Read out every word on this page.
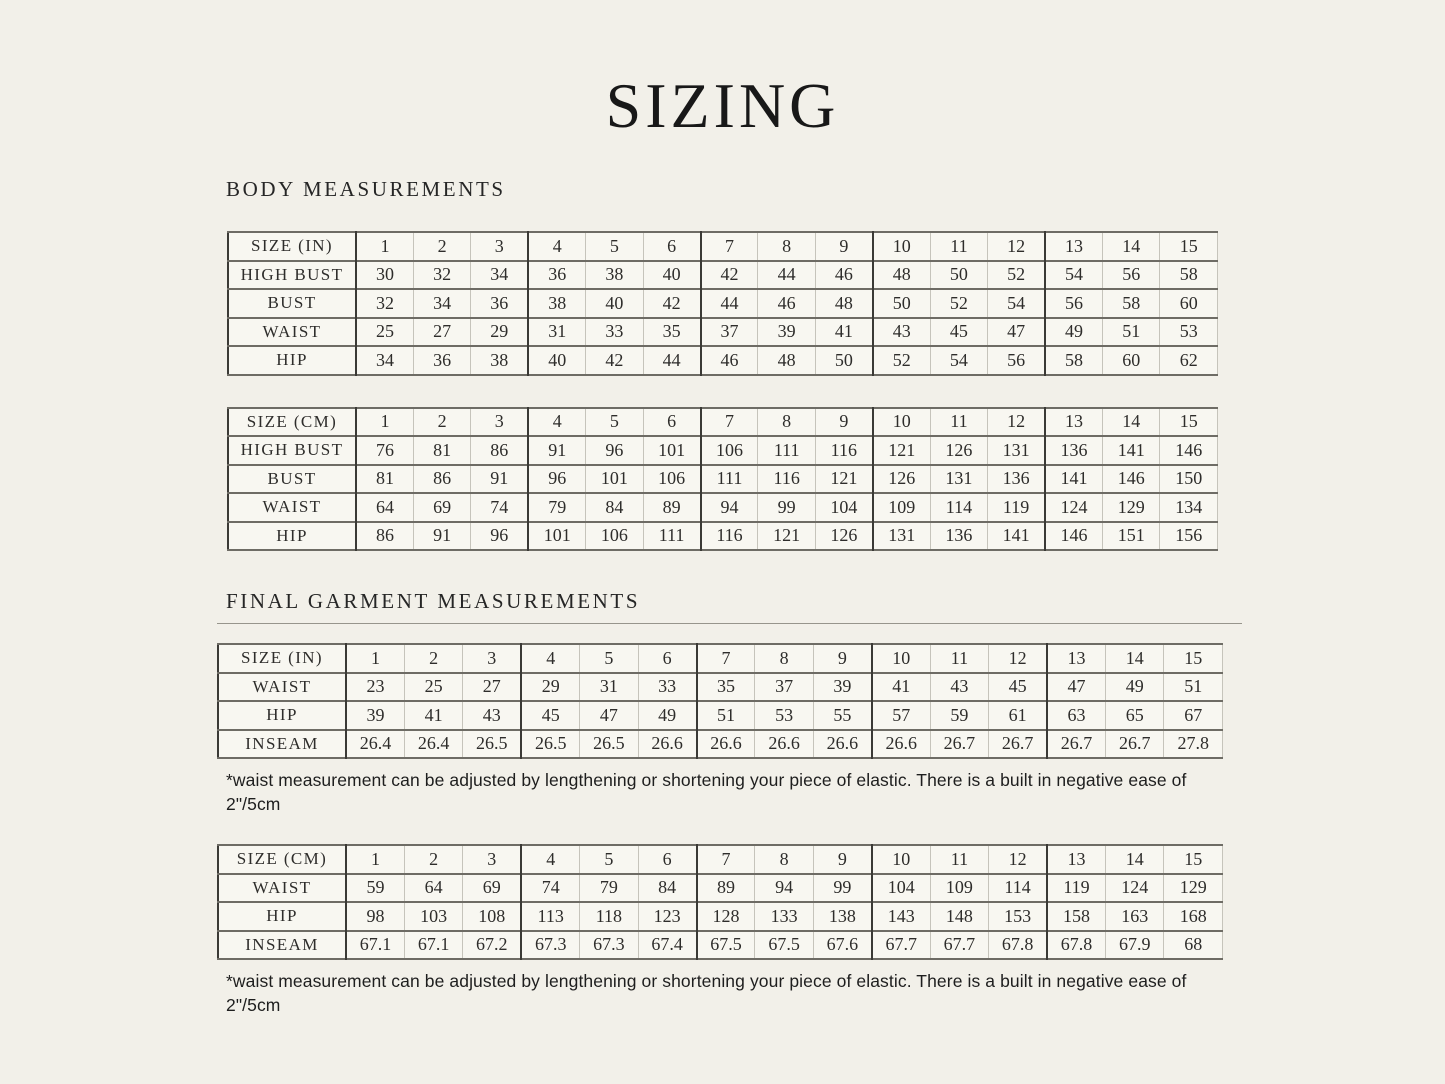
SIZING
BODY MEASUREMENTS
SIZE (IN)	1	2	3	4	5	6	7	8	9	10	11	12	13	14	15
HIGH BUST	30	32	34	36	38	40	42	44	46	48	50	52	54	56	58
BUST	32	34	36	38	40	42	44	46	48	50	52	54	56	58	60
WAIST	25	27	29	31	33	35	37	39	41	43	45	47	49	51	53
HIP	34	36	38	40	42	44	46	48	50	52	54	56	58	60	62
SIZE (CM)	1	2	3	4	5	6	7	8	9	10	11	12	13	14	15
HIGH BUST	76	81	86	91	96	101	106	111	116	121	126	131	136	141	146
BUST	81	86	91	96	101	106	111	116	121	126	131	136	141	146	150
WAIST	64	69	74	79	84	89	94	99	104	109	114	119	124	129	134
HIP	86	91	96	101	106	111	116	121	126	131	136	141	146	151	156
FINAL GARMENT MEASUREMENTS
SIZE (IN)	1	2	3	4	5	6	7	8	9	10	11	12	13	14	15
WAIST	23	25	27	29	31	33	35	37	39	41	43	45	47	49	51
HIP	39	41	43	45	47	49	51	53	55	57	59	61	63	65	67
INSEAM	26.4	26.4	26.5	26.5	26.5	26.6	26.6	26.6	26.6	26.6	26.7	26.7	26.7	26.7	27.8

*waist measurement can be adjusted by lengthening or shortening your piece of elastic. There is a built in negative ease of 2"/5cm

SIZE (CM)	1	2	3	4	5	6	7	8	9	10	11	12	13	14	15
WAIST	59	64	69	74	79	84	89	94	99	104	109	114	119	124	129
HIP	98	103	108	113	118	123	128	133	138	143	148	153	158	163	168
INSEAM	67.1	67.1	67.2	67.3	67.3	67.4	67.5	67.5	67.6	67.7	67.7	67.8	67.8	67.9	68

*waist measurement can be adjusted by lengthening or shortening your piece of elastic. There is a built in negative ease of 2"/5cm
